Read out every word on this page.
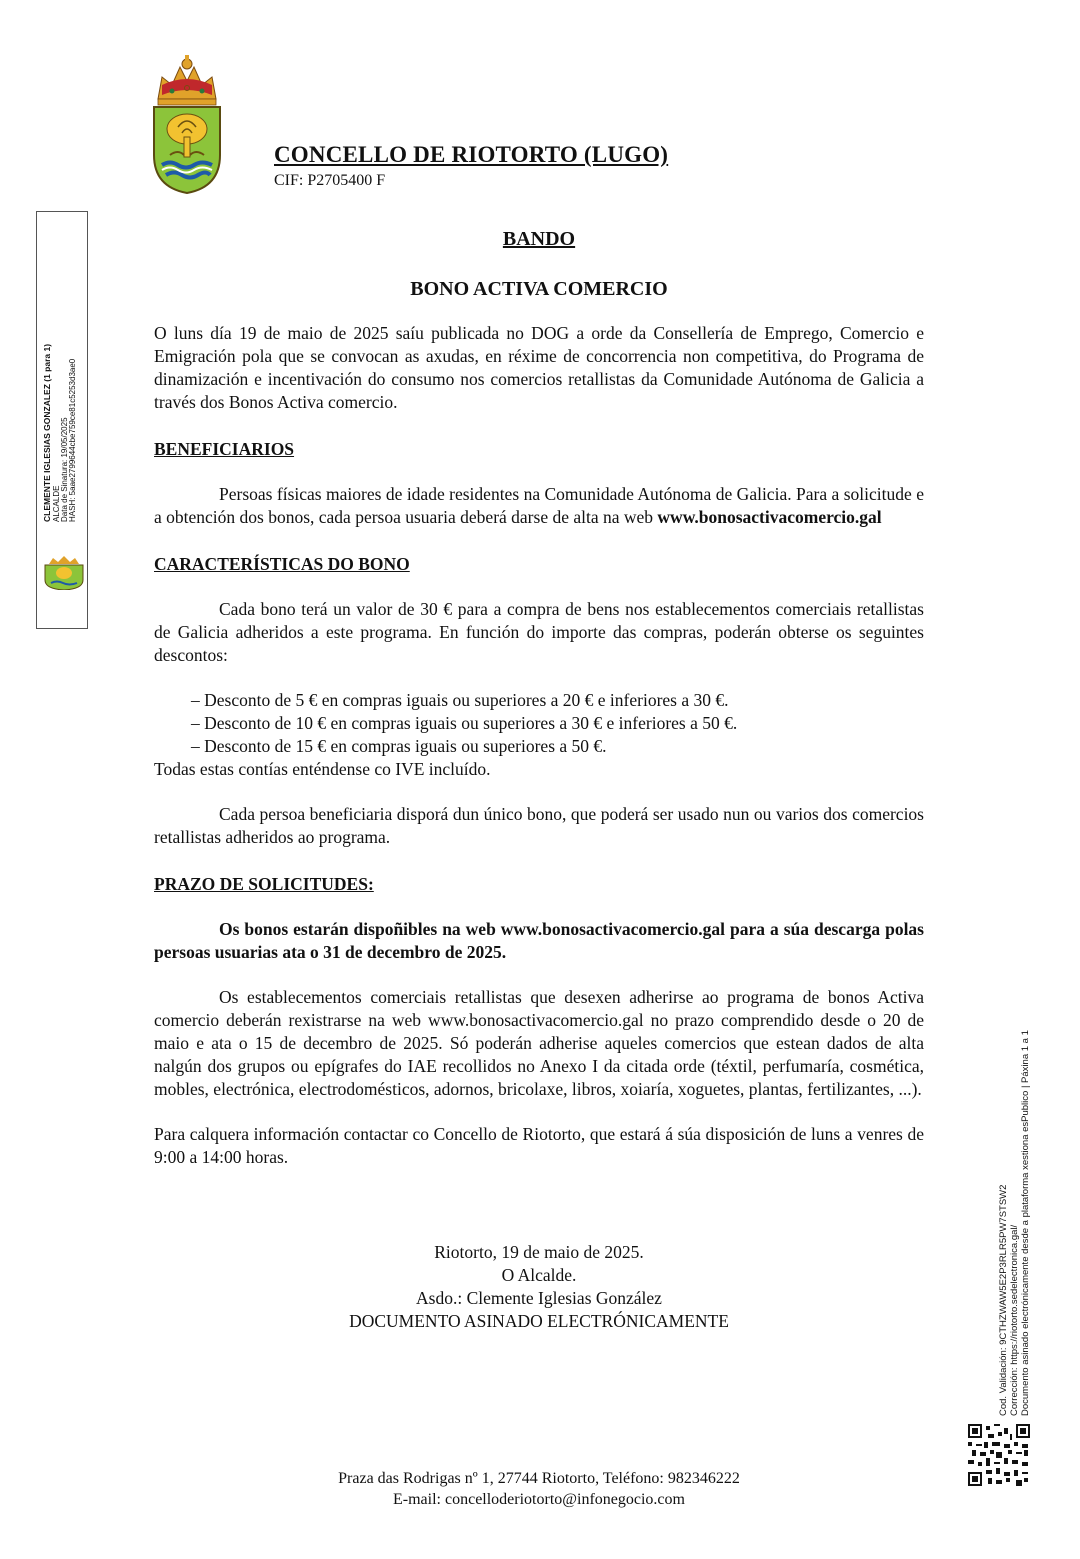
CONCELLO DE RIOTORTO (LUGO)
CIF: P2705400 F
CLEMENTE IGLESIAS GONZALEZ (1 para 1) ALCALDE Data de Sinatura: 19/05/2025 HASH: 5aae2799644cbe759ce81c5253d3ae0
Cod. Validación: 9CTHZWAW5E2P3RLR5PW7STSW2 Corrección: https://riotorto.sedelectronica.gal/ Documento asinado electrónicamente desde a plataforma xestiona esPublico | Páxina 1 a 1
BANDO
BONO ACTIVA COMERCIO

O luns día 19 de maio de 2025 saíu publicada no DOG a orde da Consellería de Emprego, Comercio e Emigración pola que se convocan as axudas, en réxime de concorrencia non competitiva, do Programa de dinamización e incentivación do consumo nos comercios retallistas da Comunidade Autónoma de Galicia a través dos Bonos Activa comercio.

BENEFICIARIOS

Persoas físicas maiores de idade residentes na Comunidade Autónoma de Galicia. Para a solicitude e a obtención dos bonos, cada persoa usuaria deberá darse de alta na web www.bonosactivacomercio.gal

CARACTERÍSTICAS DO BONO

Cada bono terá un valor de 30 € para a compra de bens nos establecementos comerciais retallistas de Galicia adheridos a este programa. En función do importe das compras, poderán obterse os seguintes descontos:

– Desconto de 5 € en compras iguais ou superiores a 20 € e inferiores a 30 €.
– Desconto de 10 € en compras iguais ou superiores a 30 € e inferiores a 50 €.
– Desconto de 15 € en compras iguais ou superiores a 50 €.

Todas estas contías enténdense co IVE incluído.

Cada persoa beneficiaria disporá dun único bono, que poderá ser usado nun ou varios dos comercios retallistas adheridos ao programa.

PRAZO DE SOLICITUDES:

Os bonos estarán dispoñibles na web www.bonosactivacomercio.gal para a súa descarga polas persoas usuarias ata o 31 de decembro de 2025.

Os establecementos comerciais retallistas que desexen adherirse ao programa de bonos Activa comercio deberán rexistrarse na web www.bonosactivacomercio.gal no prazo comprendido desde o 20 de maio e ata o 15 de decembro de 2025. Só poderán adherise aqueles comercios que estean dados de alta nalgún dos grupos ou epígrafes do IAE recollidos no Anexo I da citada orde (téxtil, perfumaría, cosmética, mobles, electrónica, electrodomésticos, adornos, bricolaxe, libros, xoiaría, xoguetes, plantas, fertilizantes, ...).

Para calquera información contactar co Concello de Riotorto, que estará á súa disposición de luns a venres de 9:00 a 14:00 horas.

Riotorto, 19 de maio de 2025.
O Alcalde.
Asdo.: Clemente Iglesias González
DOCUMENTO ASINADO ELECTRÓNICAMENTE
Praza das Rodrigas nº 1, 27744 Riotorto, Teléfono: 982346222
E-mail: concelloderiotorto@infonegocio.com
